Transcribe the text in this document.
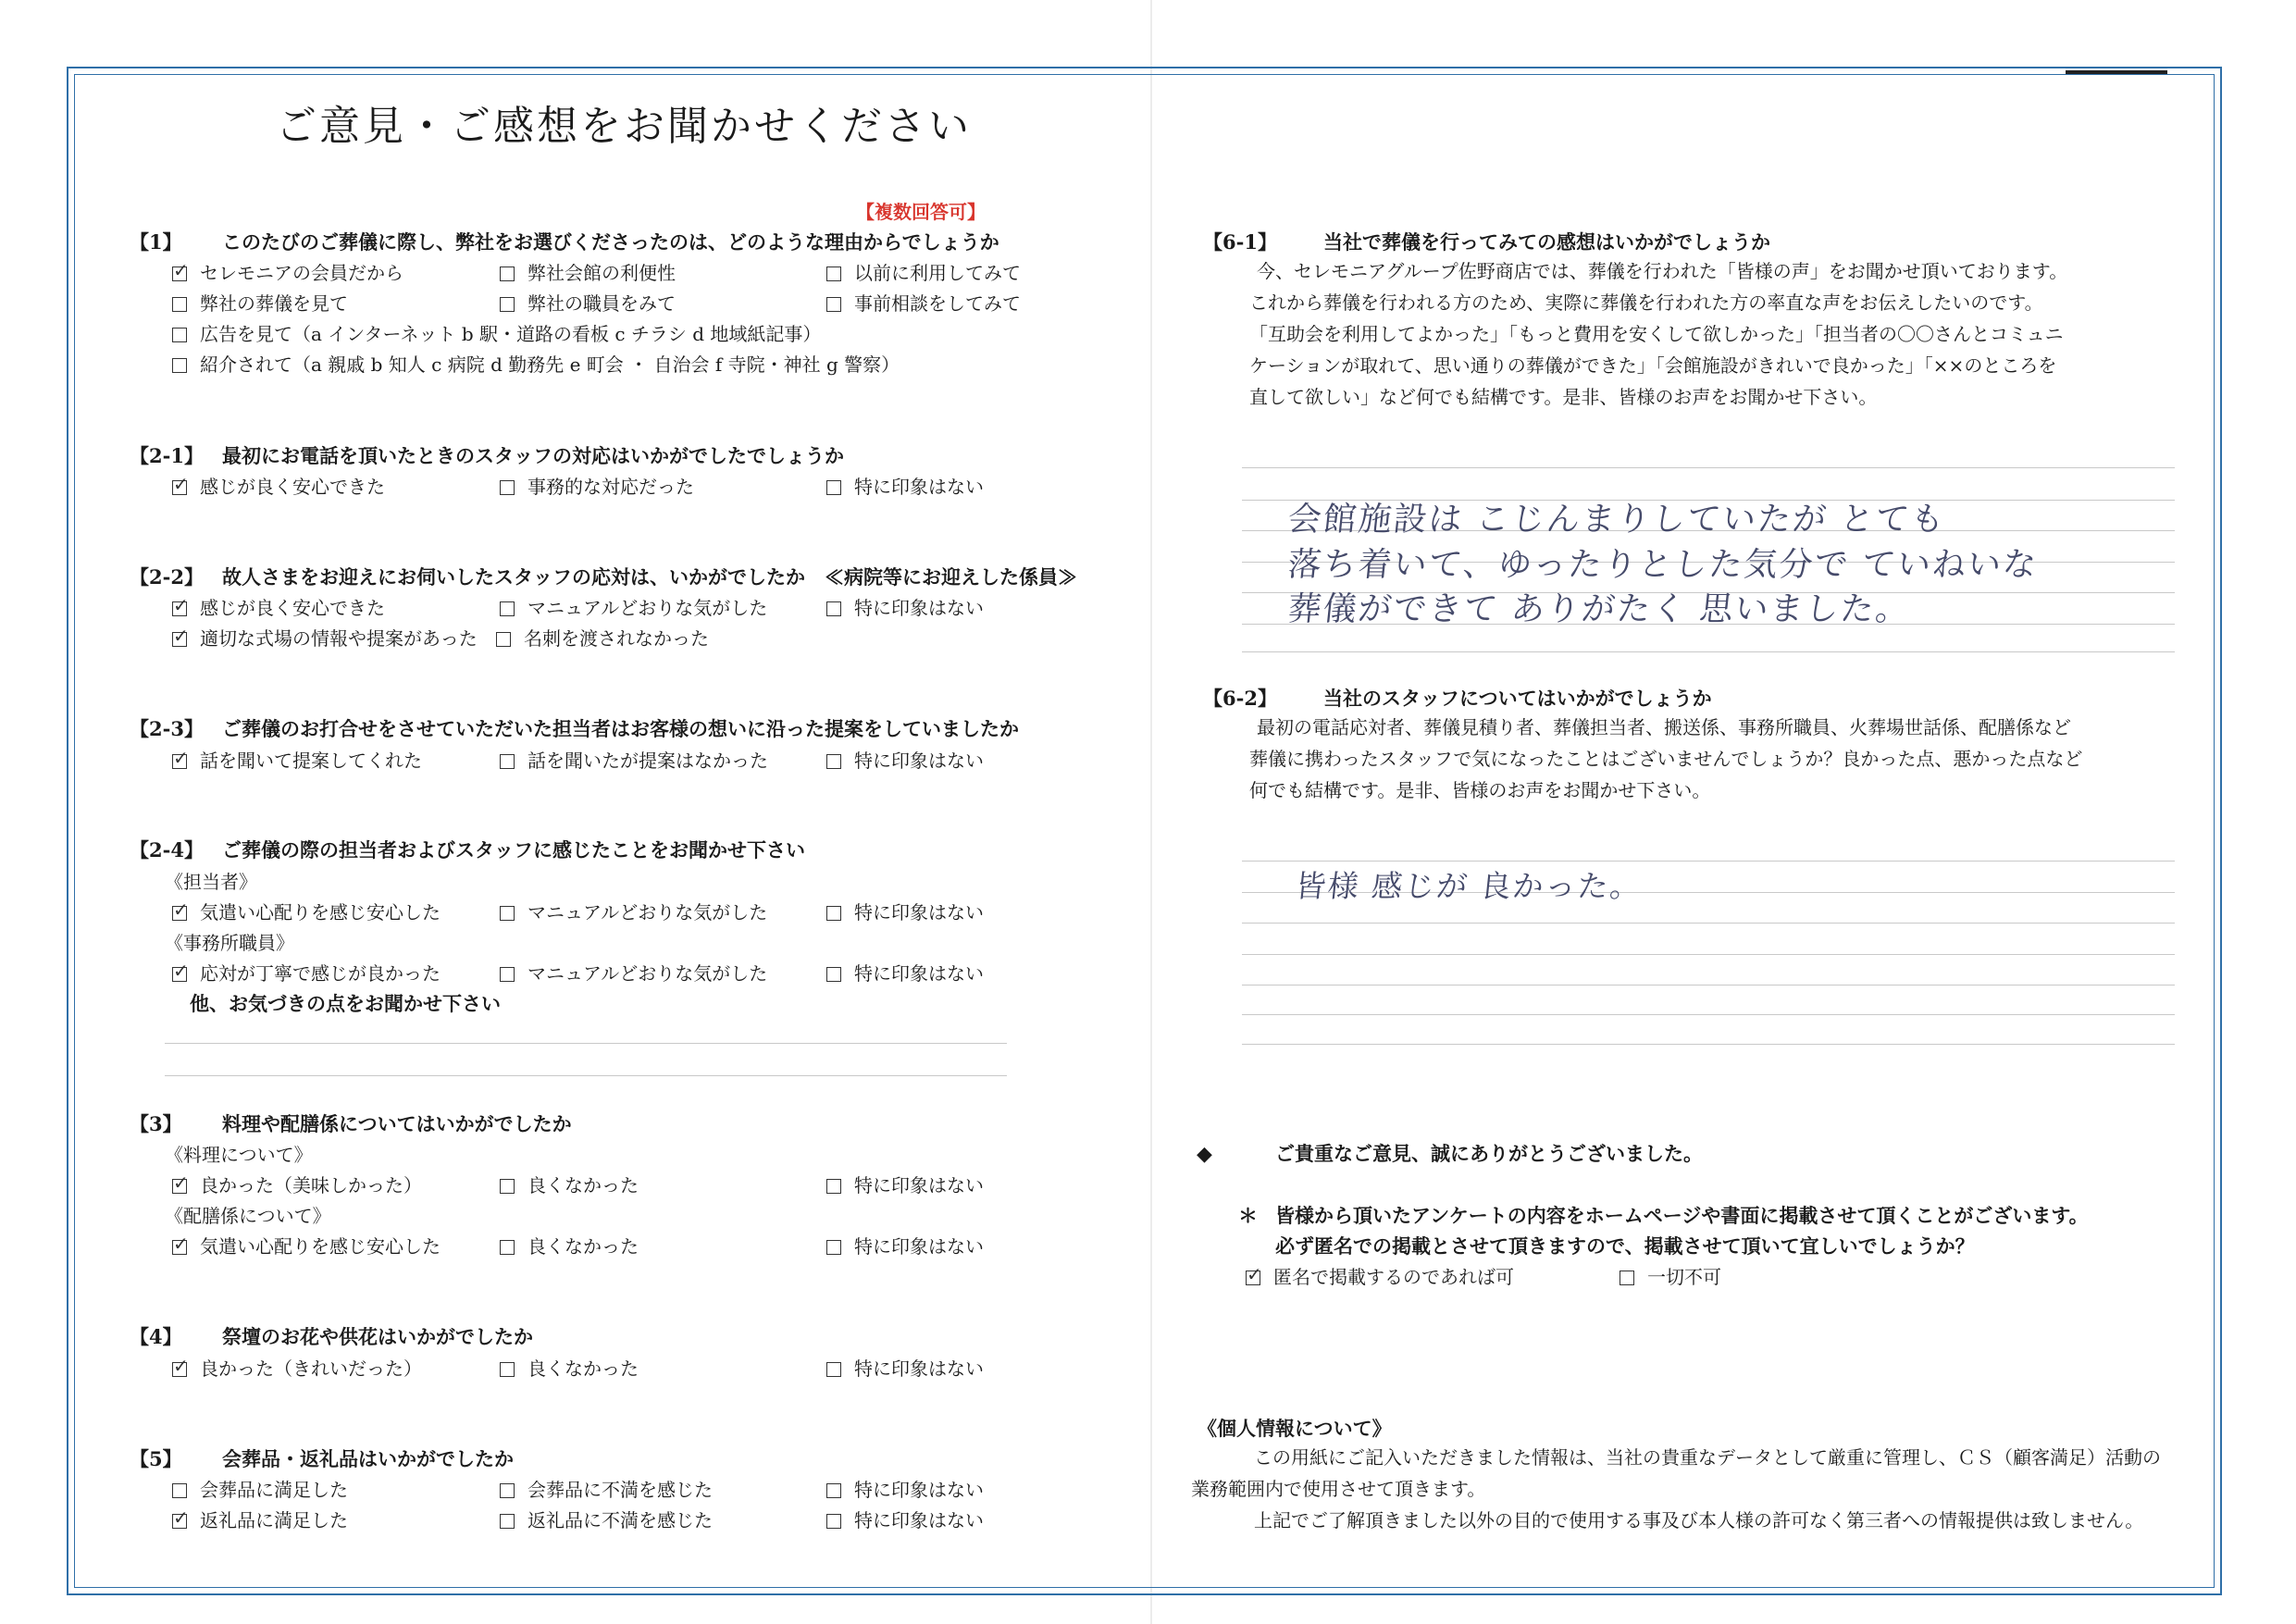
ご意見・ご感想をお聞かせください
【複数回答可】
【1】 このたびのご葬儀に際し、弊社をお選びくださったのは、どのような理由からでしょうか
✓セレモニアの会員だから	弊社会館の利便性	以前に利用してみて
弊社の葬儀を見て	弊社の職員をみて	事前相談をしてみて
広告を見て（a インターネット b 駅・道路の看板 c チラシ d 地域紙記事）
紹介されて（a 親戚 b 知人 c 病院 d 勤務先 e 町会 ・ 自治会 f 寺院・神社 g 警察）
【2-1】 最初にお電話を頂いたときのスタッフの対応はいかがでしたでしょうか
✓感じが良く安心できた	事務的な対応だった	特に印象はない
【2-2】 故人さまをお迎えにお伺いしたスタッフの応対は、いかがでしたか　≪病院等にお迎えした係員≫
✓感じが良く安心できた	マニュアルどおりな気がした	特に印象はない
✓適切な式場の情報や提案があった	名刺を渡されなかった
【2-3】 ご葬儀のお打合せをさせていただいた担当者はお客様の想いに沿った提案をしていましたか
✓話を聞いて提案してくれた	話を聞いたが提案はなかった	特に印象はない
【2-4】 ご葬儀の際の担当者およびスタッフに感じたことをお聞かせ下さい
《担当者》
✓気遣い心配りを感じ安心した	マニュアルどおりな気がした	特に印象はない
《事務所職員》
✓応対が丁寧で感じが良かった	マニュアルどおりな気がした	特に印象はない
他、お気づきの点をお聞かせ下さい
【3】 料理や配膳係についてはいかがでしたか
《料理について》
✓良かった（美味しかった）	良くなかった	特に印象はない
《配膳係について》
✓気遣い心配りを感じ安心した	良くなかった	特に印象はない
【4】 祭壇のお花や供花はいかがでしたか
✓良かった（きれいだった）	良くなかった	特に印象はない
【5】 会葬品・返礼品はいかがでしたか
会葬品に満足した	会葬品に不満を感じた	特に印象はない
✓返礼品に満足した	返礼品に不満を感じた	特に印象はない
【6-1】 当社で葬儀を行ってみての感想はいかがでしょうか
今、セレモニアグループ佐野商店では、葬儀を行われた「皆様の声」をお聞かせ頂いております。
これから葬儀を行われる方のため、実際に葬儀を行われた方の率直な声をお伝えしたいのです。
「互助会を利用してよかった」「もっと費用を安くして欲しかった」「担当者の〇〇さんとコミュニ
ケーションが取れて、思い通りの葬儀ができた」「会館施設がきれいで良かった」「××のところを
直して欲しい」など何でも結構です。是非、皆様のお声をお聞かせ下さい。
会館施設は こじんまりしていたが とても
落ち着いて、ゆったりとした気分で ていねいな
葬儀ができて ありがたく 思いました。
【6-2】 当社のスタッフについてはいかがでしょうか
最初の電話応対者、葬儀見積り者、葬儀担当者、搬送係、事務所職員、火葬場世話係、配膳係など
葬儀に携わったスタッフで気になったことはございませんでしょうか？良かった点、悪かった点など
何でも結構です。是非、皆様のお声をお聞かせ下さい。
皆様 感じが 良かった。
◆	ご貴重なご意見、誠にありがとうございました。
＊ 皆様から頂いたアンケートの内容をホームページや書面に掲載させて頂くことがございます。
必ず匿名での掲載とさせて頂きますので、掲載させて頂いて宜しいでしょうか？
✓匿名で掲載するのであれば可	一切不可
《個人情報について》
この用紙にご記入いただきました情報は、当社の貴重なデータとして厳重に管理し、ＣＳ（顧客満足）活動の
業務範囲内で使用させて頂きます。
上記でご了解頂きました以外の目的で使用する事及び本人様の許可なく第三者への情報提供は致しません。
